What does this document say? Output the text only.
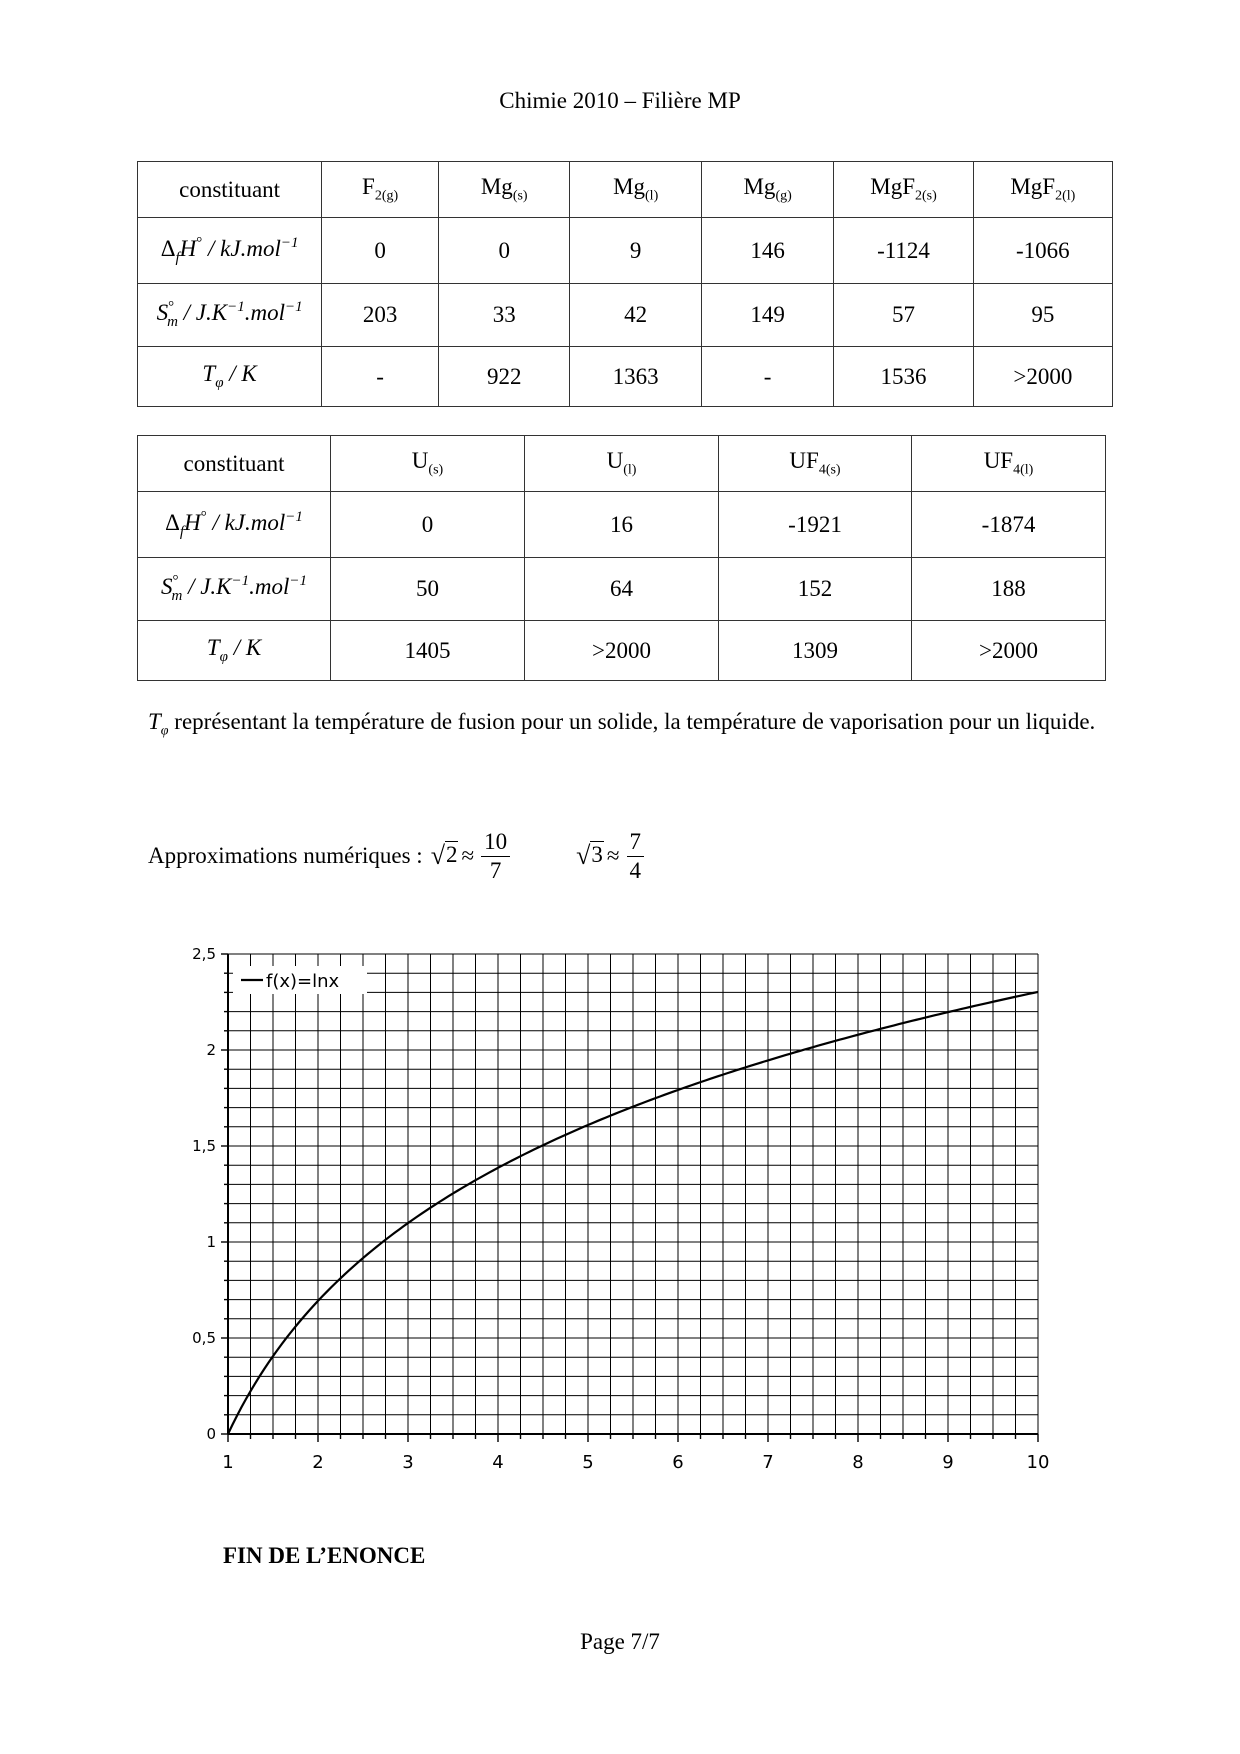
Chimie 2010 – Filière MP
constituant	$F_{2(g)}$	$Mg_{(s)}$	$Mg_{(l)}$	$Mg_{(g)}$	MgF$_{2(s)}$	MgF$_{2(l)}$
$\Delta_fH^\circ / kJ.mol^{-1}$	0	0	9	146	-1124	-1066
$S^\circ_m / J.K^{-1}.mol^{-1}$	203	33	42	149	57	95
$T_\varphi$ / K	-	922	1363	-	1536	>2000
constituant	$U_{(s)}$	$U_{(l)}$	$UF_{4(s)}$	$UF_{4(l)}$
$\Delta_fH^\circ / kJ.mol^{-1}$	0	16	-1921	-1874
$S^\circ_m / J.K^{-1}.mol^{-1}$	50	64	152	188
$T_\varphi$ / K	1405	>2000	1309	>2000
$T_\varphi$ représentant la température de fusion pour un solide, la température de vaporisation pour un liquide.
Approximations numériques : √ $2 \approx \frac{10}{7}$	√ $3 \approx \frac{7}{4}$
0
0,5
1
1,5
2
2,5
1	2	3	4	5	6	7	8	9	10
f(x)=lnx
FIN DE L’ENONCE
Page 7/7
